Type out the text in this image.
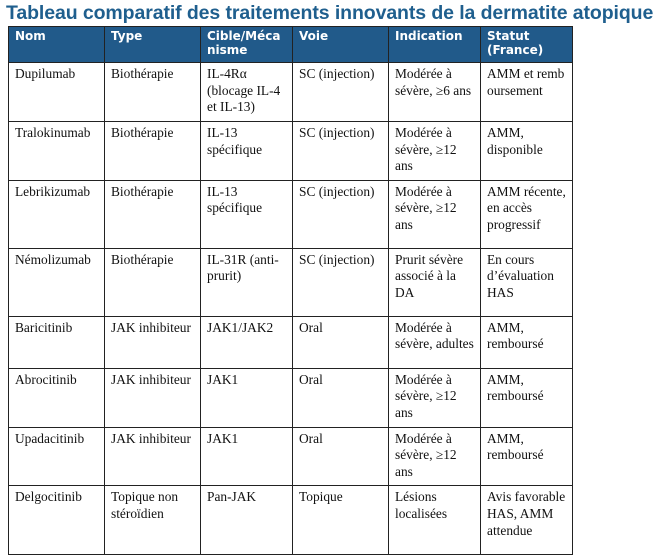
Tableau comparatif des traitements innovants de la dermatite atopique
Nom	Type	Cible/Méca nisme	Voie	Indication	Statut (France)
Dupilumab	Biothérapie	IL-4Rα (blocage IL-4 et IL-13)	SC (injection)	Modérée à sévère, ≥6 ans	AMM et remboursement
Tralokinumab	Biothérapie	IL-13 spécifique	SC (injection)	Modérée à sévère, ≥12 ans	AMM, disponible
Lebrikizumab	Biothérapie	IL-13 spécifique	SC (injection)	Modérée à sévère, ≥12 ans	AMM récente, en accès progressif
Némolizumab	Biothérapie	IL-31R (anti-prurit)	SC (injection)	Prurit sévère associé à la DA	En cours d’évaluation HAS
Baricitinib	JAK inhibiteur	JAK1/JAK2	Oral	Modérée à sévère, adultes	AMM, remboursé
Abrocitinib	JAK inhibiteur	JAK1	Oral	Modérée à sévère, ≥12 ans	AMM, remboursé
Upadacitinib	JAK inhibiteur	JAK1	Oral	Modérée à sévère, ≥12 ans	AMM, remboursé
Delgocitinib	Topique non stéroïdien	Pan-JAK	Topique	Lésions localisées	Avis favorable HAS, AMM attendue
